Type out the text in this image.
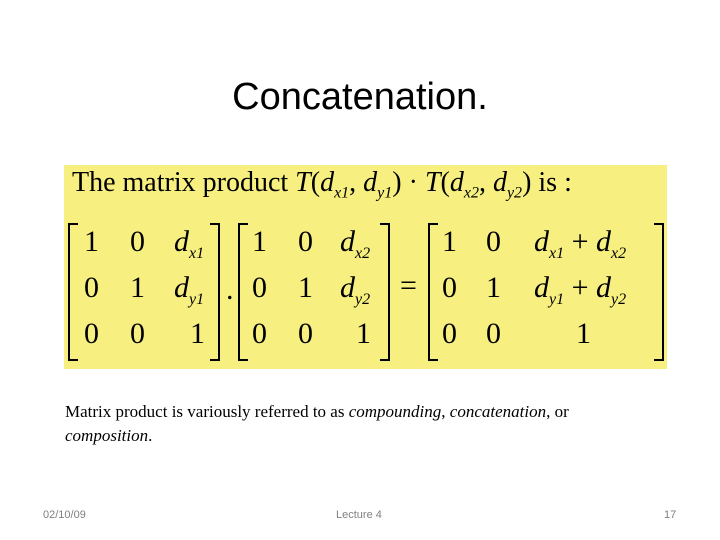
Concatenation.
The matrix product $T(d_{x1}$, $d_{y1}) \cdot T(d_{x2}$, $d_{y2}$) is :
1 0 $d_{x1}$
0 1 $d_{y1}$
0 0 1
.
1 0 $d_{x2}$
0 1 $d_{y2}$
0 0 1
=
1 0 $d_{x1} + d_{x2}$
0 1 $d_{y1} + d_{y2}$
0 0	1
Matrix product is variously referred to as compounding, concatenation, or
composition.
02/10/09	Lecture 4	17
